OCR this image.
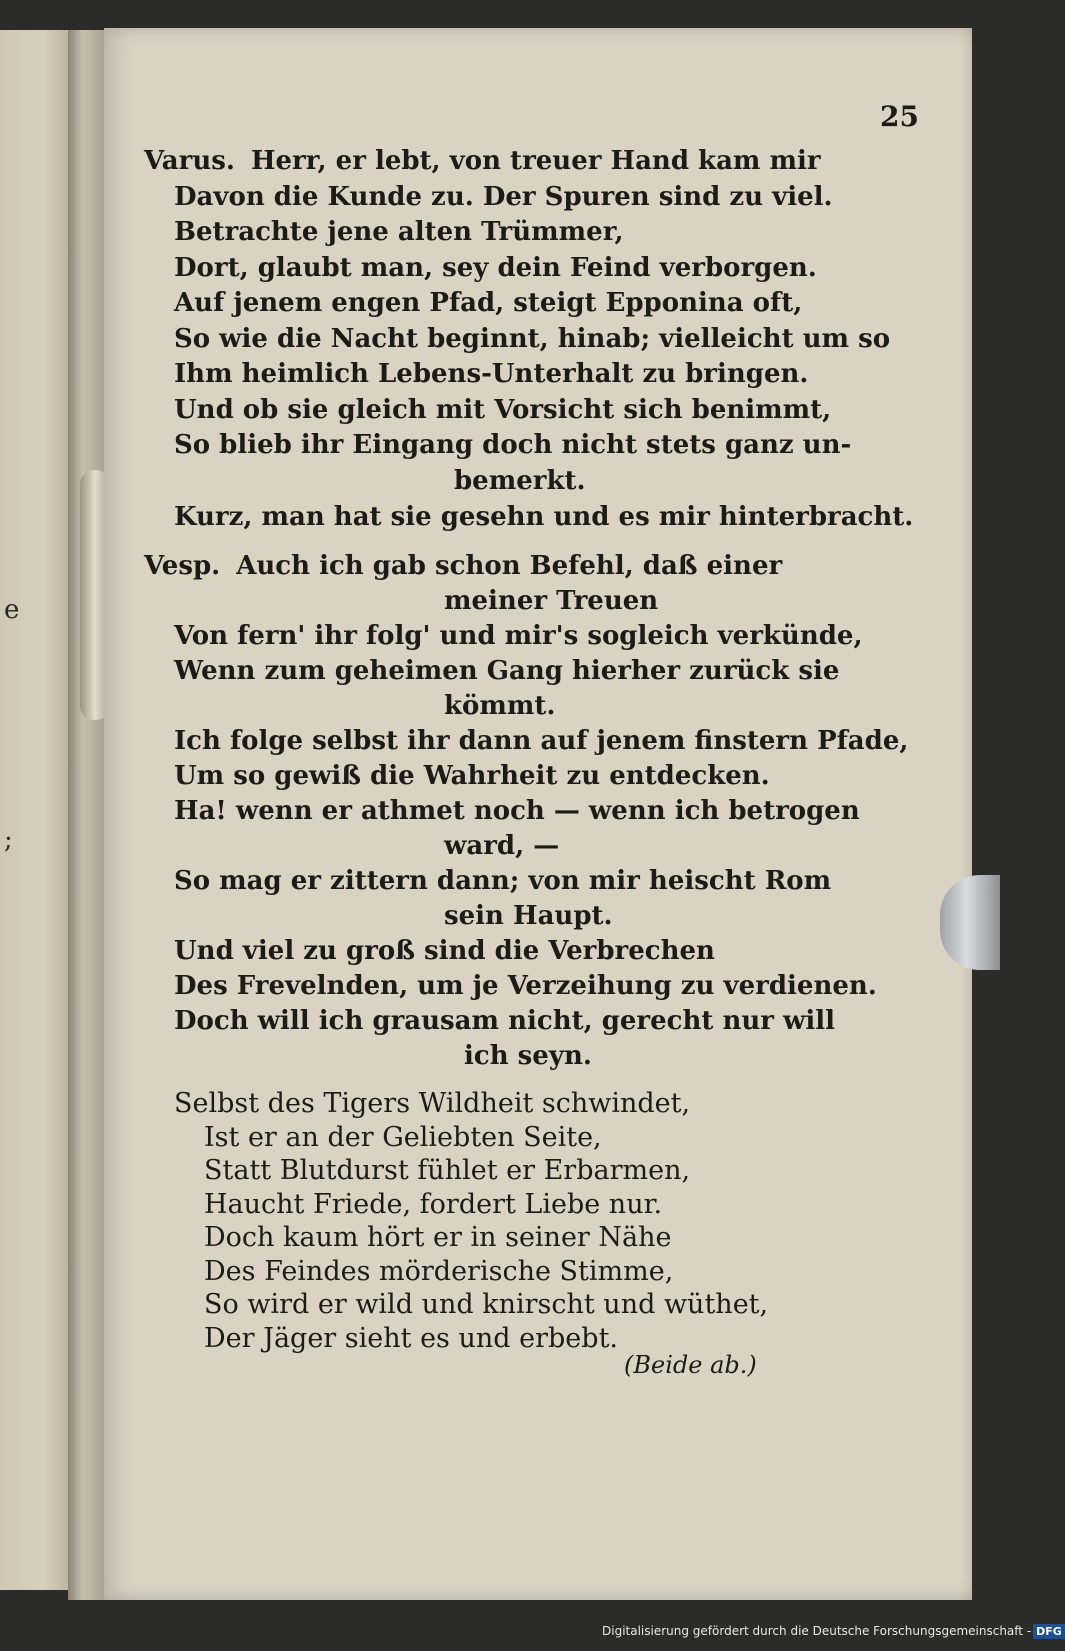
e
;
25
Varus. Herr, er lebt, von treuer Hand kam mir
Davon die Kunde zu. Der Spuren sind zu viel.
Betrachte jene alten Trümmer,
Dort, glaubt man, sey dein Feind verborgen.
Auf jenem engen Pfad, steigt Epponina oft,
So wie die Nacht beginnt, hinab; vielleicht um so
Ihm heimlich Lebens-Unterhalt zu bringen.
Und ob sie gleich mit Vorsicht sich benimmt,
So blieb ihr Eingang doch nicht stets ganz un-
bemerkt.
Kurz, man hat sie gesehn und es mir hinterbracht.
Vesp. Auch ich gab schon Befehl, daß einer
meiner Treuen
Von fern' ihr folg' und mir's sogleich verkünde,
Wenn zum geheimen Gang hierher zurück sie
kömmt.
Ich folge selbst ihr dann auf jenem finstern Pfade,
Um so gewiß die Wahrheit zu entdecken.
Ha! wenn er athmet noch — wenn ich betrogen
ward, —
So mag er zittern dann; von mir heischt Rom
sein Haupt.
Und viel zu groß sind die Verbrechen
Des Frevelnden, um je Verzeihung zu verdienen.
Doch will ich grausam nicht, gerecht nur will
ich seyn.
Selbst des Tigers Wildheit schwindet,
Ist er an der Geliebten Seite,
Statt Blutdurst fühlet er Erbarmen,
Haucht Friede, fordert Liebe nur.
Doch kaum hört er in seiner Nähe
Des Feindes mörderische Stimme,
So wird er wild und knirscht und wüthet,
Der Jäger sieht es und erbebt.
(Beide ab.)
Digitalisierung gefördert durch die Deutsche Forschungsgemeinschaft - DFG
